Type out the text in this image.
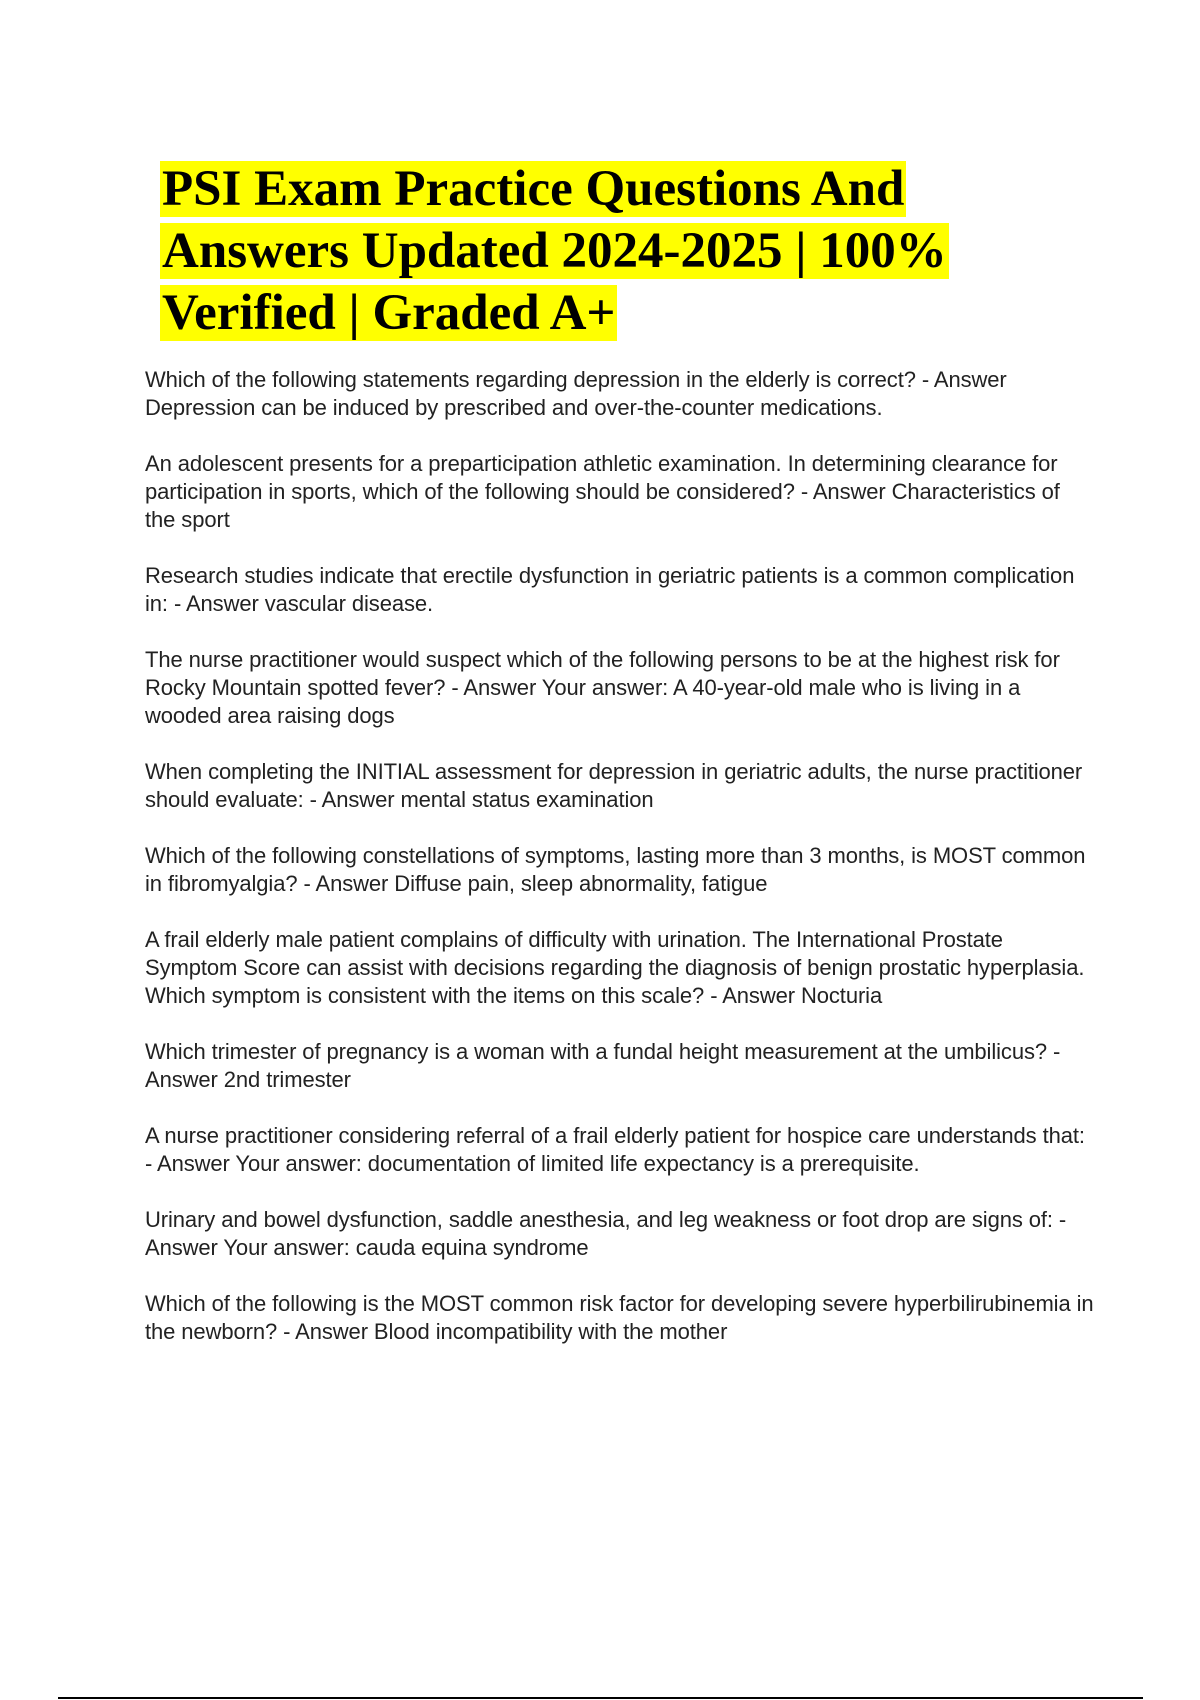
PSI Exam Practice Questions And Answers Updated 2024-2025 | 100% Verified | Graded A+
Which of the following statements regarding depression in the elderly is correct? - Answer Depression can be induced by prescribed and over-the-counter medications.
An adolescent presents for a preparticipation athletic examination. In determining clearance for participation in sports, which of the following should be considered? - Answer Characteristics of the sport
Research studies indicate that erectile dysfunction in geriatric patients is a common complication in: - Answer vascular disease.
The nurse practitioner would suspect which of the following persons to be at the highest risk for Rocky Mountain spotted fever? - Answer Your answer: A 40-year-old male who is living in a wooded area raising dogs
When completing the INITIAL assessment for depression in geriatric adults, the nurse practitioner should evaluate: - Answer mental status examination
Which of the following constellations of symptoms, lasting more than 3 months, is MOST common in fibromyalgia? - Answer Diffuse pain, sleep abnormality, fatigue
A frail elderly male patient complains of difficulty with urination. The International Prostate Symptom Score can assist with decisions regarding the diagnosis of benign prostatic hyperplasia. Which symptom is consistent with the items on this scale? - Answer Nocturia
Which trimester of pregnancy is a woman with a fundal height measurement at the umbilicus? - Answer 2nd trimester
A nurse practitioner considering referral of a frail elderly patient for hospice care understands that: - Answer Your answer: documentation of limited life expectancy is a prerequisite.
Urinary and bowel dysfunction, saddle anesthesia, and leg weakness or foot drop are signs of: - Answer Your answer: cauda equina syndrome
Which of the following is the MOST common risk factor for developing severe hyperbilirubinemia in the newborn? - Answer Blood incompatibility with the mother
